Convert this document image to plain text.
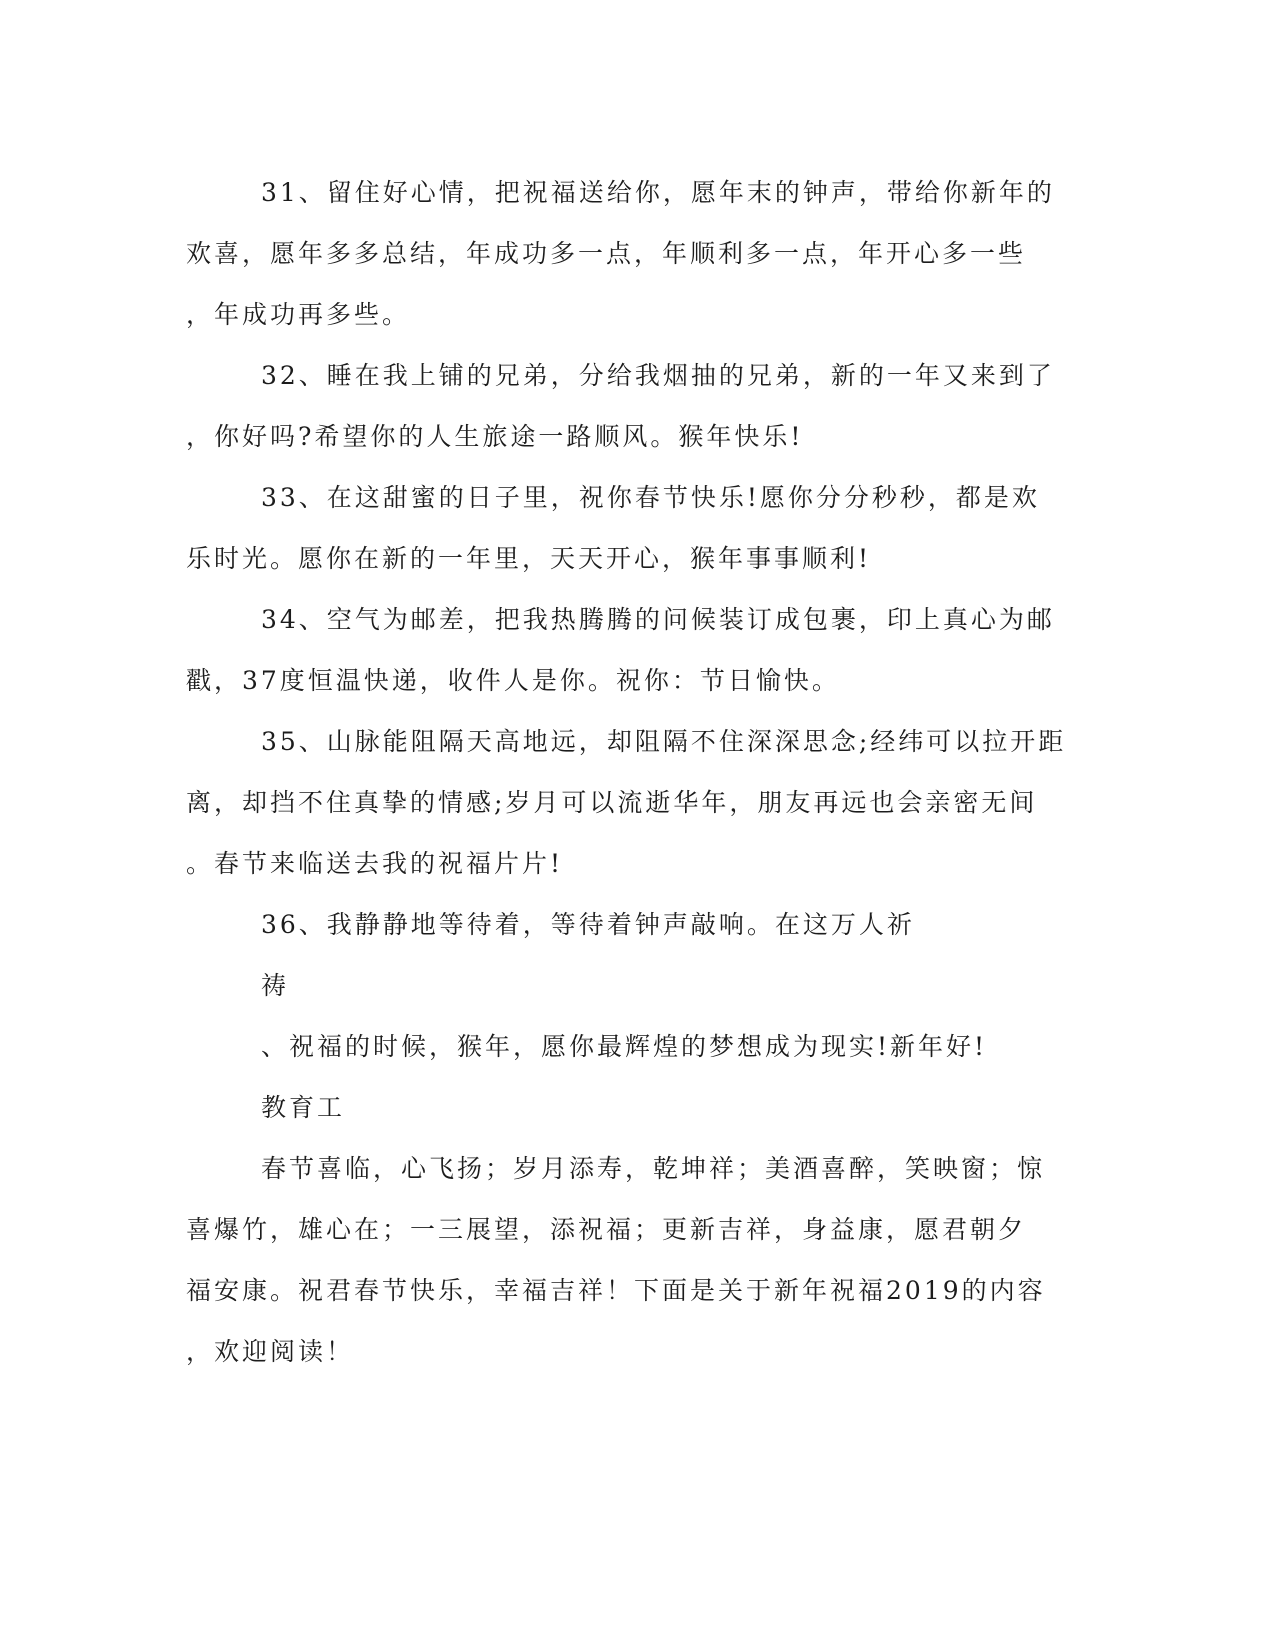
31、留住好心情，把祝福送给你，愿年末的钟声，带给你新年的
欢喜，愿年多多总结，年成功多一点，年顺利多一点，年开心多一些
，年成功再多些。
32、睡在我上铺的兄弟，分给我烟抽的兄弟，新的一年又来到了
，你好吗?希望你的人生旅途一路顺风。猴年快乐!
33、在这甜蜜的日子里，祝你春节快乐!愿你分分秒秒，都是欢
乐时光。愿你在新的一年里，天天开心，猴年事事顺利!
34、空气为邮差，把我热腾腾的问候装订成包裹，印上真心为邮
戳，37度恒温快递，收件人是你。祝你：节日愉快。
35、山脉能阻隔天高地远，却阻隔不住深深思念;经纬可以拉开距
离，却挡不住真挚的情感;岁月可以流逝华年，朋友再远也会亲密无间
。春节来临送去我的祝福片片!
36、我静静地等待着，等待着钟声敲响。在这万人祈
祷
、祝福的时候，猴年，愿你最辉煌的梦想成为现实!新年好!
教育工
春节喜临，心飞扬；岁月添寿，乾坤祥；美酒喜醉，笑映窗；惊
喜爆竹，雄心在；一三展望，添祝福；更新吉祥，身益康，愿君朝夕
福安康。祝君春节快乐，幸福吉祥！下面是关于新年祝福2019的内容
，欢迎阅读！
